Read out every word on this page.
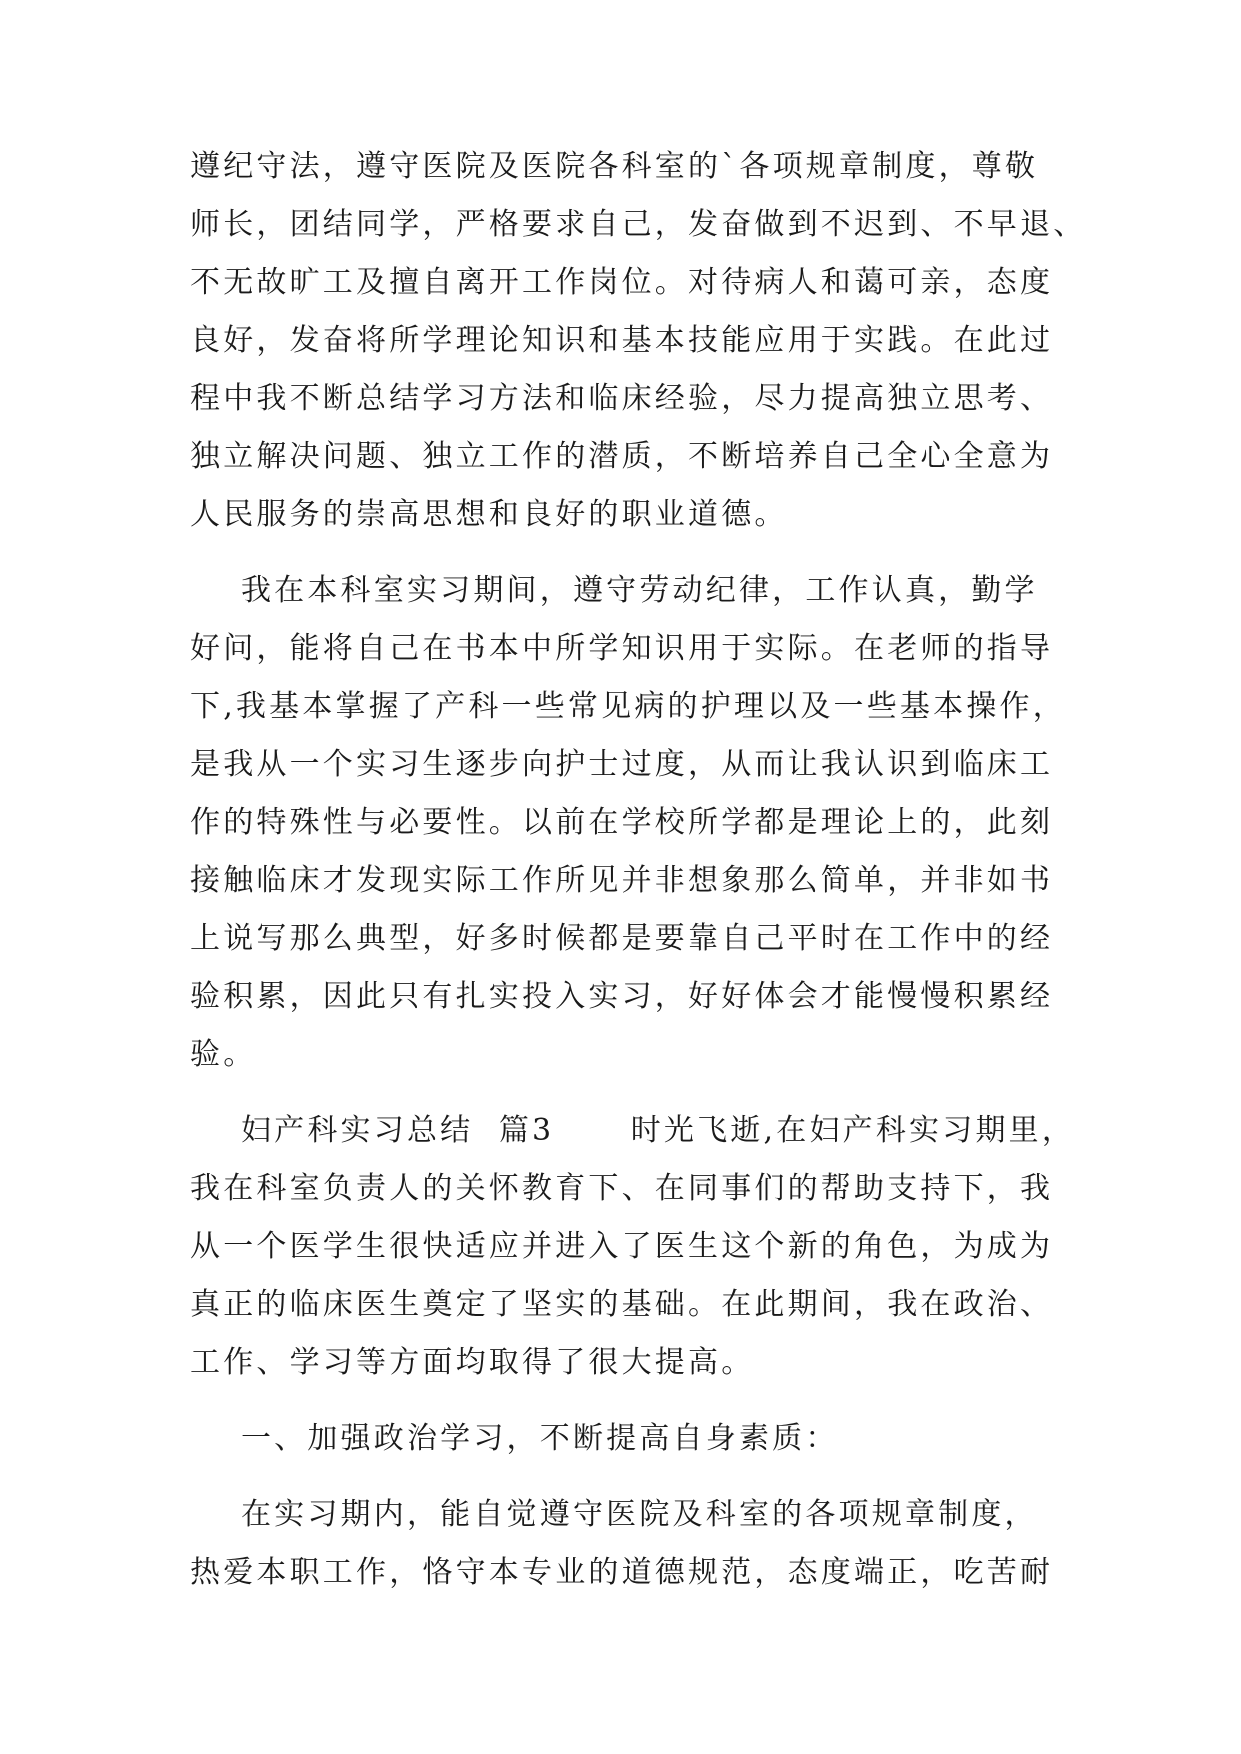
遵纪守法，遵守医院及医院各科室的`各项规章制度，尊敬

师长，团结同学，严格要求自己，发奋做到不迟到、不早退、

不无故旷工及擅自离开工作岗位。对待病人和蔼可亲，态度

良好，发奋将所学理论知识和基本技能应用于实践。在此过

程中我不断总结学习方法和临床经验，尽力提高独立思考、

独立解决问题、独立工作的潜质，不断培养自己全心全意为

人民服务的崇高思想和良好的职业道德。

我在本科室实习期间，遵守劳动纪律，工作认真，勤学

好问，能将自己在书本中所学知识用于实际。在老师的指导

下,我基本掌握了产科一些常见病的护理以及一些基本操作，

是我从一个实习生逐步向护士过度，从而让我认识到临床工

作的特殊性与必要性。以前在学校所学都是理论上的，此刻

接触临床才发现实际工作所见并非想象那么简单，并非如书

上说写那么典型，好多时候都是要靠自己平时在工作中的经

验积累，因此只有扎实投入实习，好好体会才能慢慢积累经

验。

妇产科实习总结  篇3      时光飞逝,在妇产科实习期里，

我在科室负责人的关怀教育下、在同事们的帮助支持下，我

从一个医学生很快适应并进入了医生这个新的角色，为成为

真正的临床医生奠定了坚实的基础。在此期间，我在政治、

工作、学习等方面均取得了很大提高。

一、加强政治学习，不断提高自身素质：

在实习期内，能自觉遵守医院及科室的各项规章制度，

热爱本职工作，恪守本专业的道德规范，态度端正，吃苦耐
